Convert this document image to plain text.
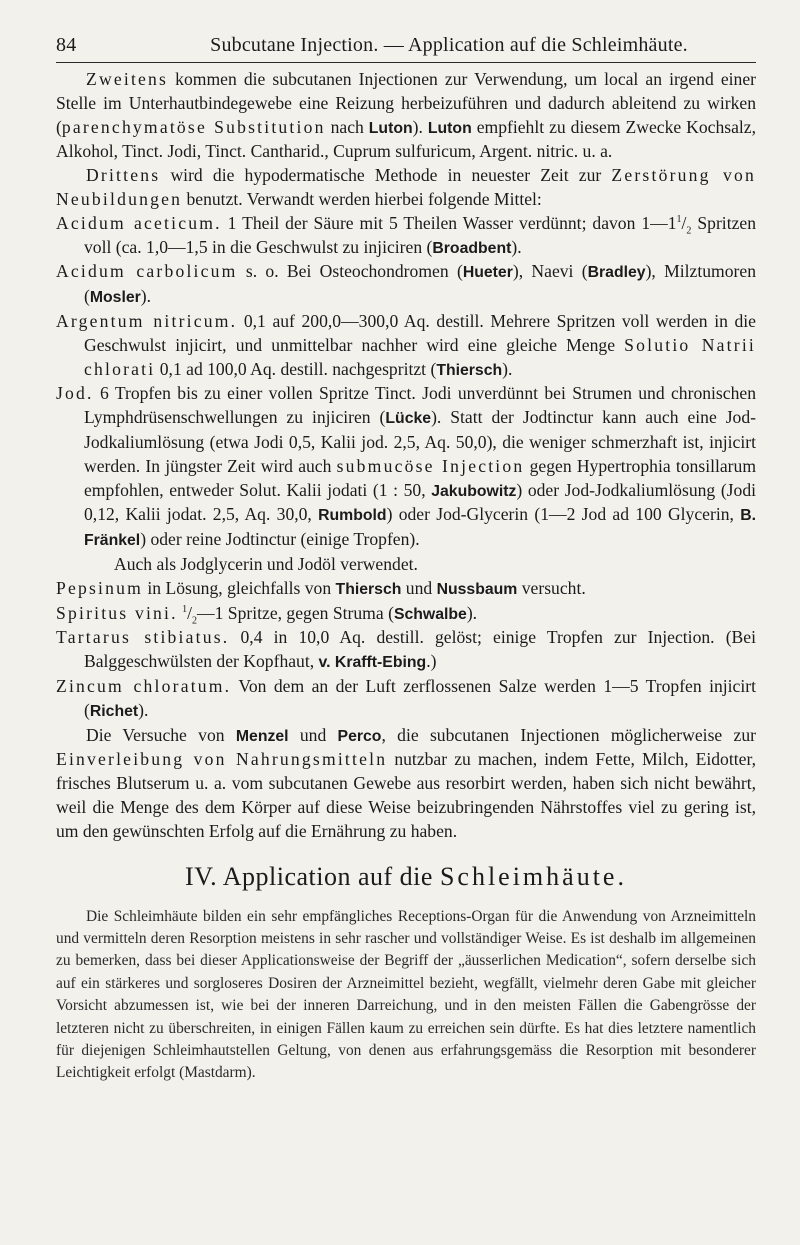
84	Subcutane Injection. — Application auf die Schleimhäute.

Zweitens kommen die subcutanen Injectionen zur Verwendung, um local an irgend einer Stelle im Unterhautbindegewebe eine Reizung herbeizuführen und dadurch ableitend zu wirken (parenchymatöse Substitution nach Luton). Luton empfiehlt zu diesem Zwecke Kochsalz, Alkohol, Tinct. Jodi, Tinct. Cantharid., Cuprum sulfuricum, Argent. nitric. u. a.

Drittens wird die hypodermatische Methode in neuester Zeit zur Zerstörung von Neubildungen benutzt. Verwandt werden hierbei folgende Mittel:

Acidum aceticum. 1 Theil der Säure mit 5 Theilen Wasser verdünnt; davon $1—1^1/_2$ Spritzen voll (ca. 1,0—1,5 in die Geschwulst zu injiciren (Broadbent).

Acidum carbolicum s. o. Bei Osteochondromen (Hueter), Naevi (Bradley), Milztumoren (Mosler).

Argentum nitricum. 0,1 auf 200,0—300,0 Aq. destill. Mehrere Spritzen voll werden in die Geschwulst injicirt, und unmittelbar nachher wird eine gleiche Menge Solutio Natrii chlorati 0,1 ad 100,0 Aq. destill. nachgespritzt (Thiersch).

Jod. 6 Tropfen bis zu einer vollen Spritze Tinct. Jodi unverdünnt bei Strumen und chronischen Lymphdrüsenschwellungen zu injiciren (Lücke). Statt der Jodtinctur kann auch eine Jod-Jodkaliumlösung (etwa Jodi 0,5, Kalii jod. 2,5, Aq. 50,0), die weniger schmerzhaft ist, injicirt werden. In jüngster Zeit wird auch submucöse Injection gegen Hypertrophia tonsillarum empfohlen, entweder Solut. Kalii jodati (1 : 50, Jakubowitz) oder Jod-Jodkaliumlösung (Jodi 0,12, Kalii jodat. 2,5, Aq. 30,0, Rumbold) oder Jod-Glycerin (1—2 Jod ad 100 Glycerin, B. Fränkel) oder reine Jodtinctur (einige Tropfen).

Auch als Jodglycerin und Jodöl verwendet.

Pepsinum in Lösung, gleichfalls von Thiersch und Nussbaum versucht.

Spiritus vini. $^1/_2—1$ Spritze, gegen Struma (Schwalbe).

Tartarus stibiatus. 0,4 in 10,0 Aq. destill. gelöst; einige Tropfen zur Injection. (Bei Balggeschwülsten der Kopfhaut, v. Krafft-Ebing.)

Zincum chloratum. Von dem an der Luft zerflossenen Salze werden 1—5 Tropfen injicirt (Richet).

Die Versuche von Menzel und Perco, die subcutanen Injectionen möglicherweise zur Einverleibung von Nahrungsmitteln nutzbar zu machen, indem Fette, Milch, Eidotter, frisches Blutserum u. a. vom subcutanen Gewebe aus resorbirt werden, haben sich nicht bewährt, weil die Menge des dem Körper auf diese Weise beizubringenden Nährstoffes viel zu gering ist, um den gewünschten Erfolg auf die Ernährung zu haben.

IV. Application auf die Schleimhäute.

Die Schleimhäute bilden ein sehr empfängliches Receptions-Organ für die Anwendung von Arzneimitteln und vermitteln deren Resorption meistens in sehr rascher und vollständiger Weise. Es ist deshalb im allgemeinen zu bemerken, dass bei dieser Applicationsweise der Begriff der „äusserlichen Medication“, sofern derselbe sich auf ein stärkeres und sorgloseres Dosiren der Arzneimittel bezieht, wegfällt, vielmehr deren Gabe mit gleicher Vorsicht abzumessen ist, wie bei der inneren Darreichung, und in den meisten Fällen die Gabengrösse der letzteren nicht zu überschreiten, in einigen Fällen kaum zu erreichen sein dürfte. Es hat dies letztere namentlich für diejenigen Schleimhautstellen Geltung, von denen aus erfahrungsgemäss die Resorption mit besonderer Leichtigkeit erfolgt (Mastdarm).
